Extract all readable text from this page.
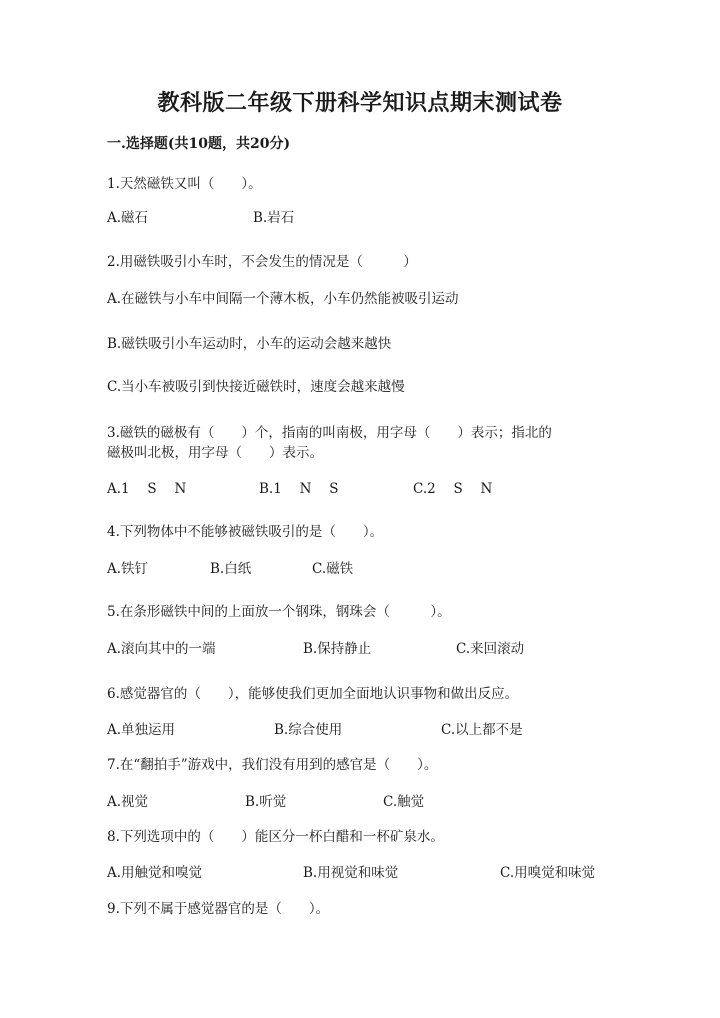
教科版二年级下册科学知识点期末测试卷
一.选择题(共10题，共20分)
1.天然磁铁又叫（　　）。
A.磁石	B.岩石
2.用磁铁吸引小车时，不会发生的情况是（　　　）
A.在磁铁与小车中间隔一个薄木板，小车仍然能被吸引运动
B.磁铁吸引小车运动时，小车的运动会越来越快
C.当小车被吸引到快接近磁铁时，速度会越来越慢
3.磁铁的磁极有（　　）个，指南的叫南极，用字母（　　）表示；指北的
磁极叫北极，用字母（　　）表示。
A.1　 S　 N	B.1　 N　 S	C.2　 S　 N
4.下列物体中不能够被磁铁吸引的是（　　）。
A.铁钉	B.白纸	C.磁铁
5.在条形磁铁中间的上面放一个钢珠，钢珠会（　　　）。
A.滚向其中的一端	B.保持静止	C.来回滚动
6.感觉器官的（　　），能够使我们更加全面地认识事物和做出反应。
A.单独运用	B.综合使用	C.以上都不是
7.在“翻拍手”游戏中，我们没有用到的感官是（　　）。
A.视觉	B.听觉	C.触觉
8.下列选项中的（　　）能区分一杯白醋和一杯矿泉水。
A.用触觉和嗅觉	B.用视觉和味觉	C.用嗅觉和味觉
9.下列不属于感觉器官的是（　　）。
